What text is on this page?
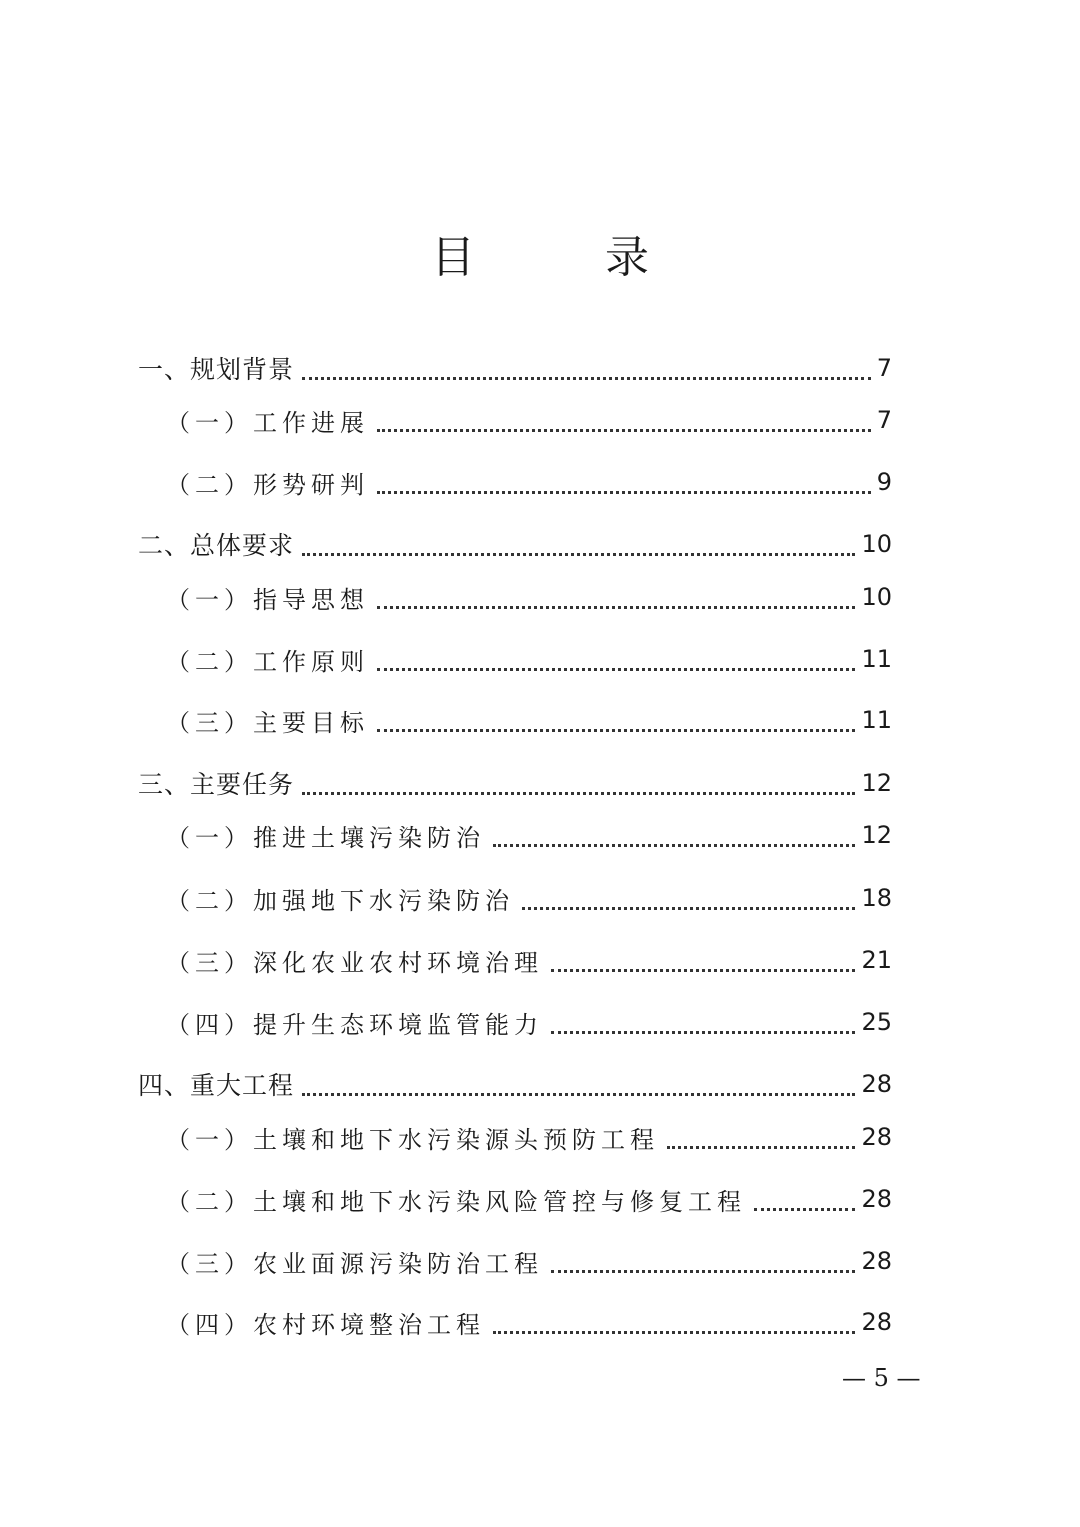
目 录
一、规划背景	7
（一）工作进展	7
（二）形势研判	9
二、总体要求	10
（一）指导思想	10
（二）工作原则	11
（三）主要目标	11
三、主要任务	12
（一）推进土壤污染防治	12
（二）加强地下水污染防治	18
（三）深化农业农村环境治理	21
（四）提升生态环境监管能力	25
四、重大工程	28
（一）土壤和地下水污染源头预防工程	28
（二）土壤和地下水污染风险管控与修复工程	28
（三）农业面源污染防治工程	28
（四）农村环境整治工程	28
— 5 —
